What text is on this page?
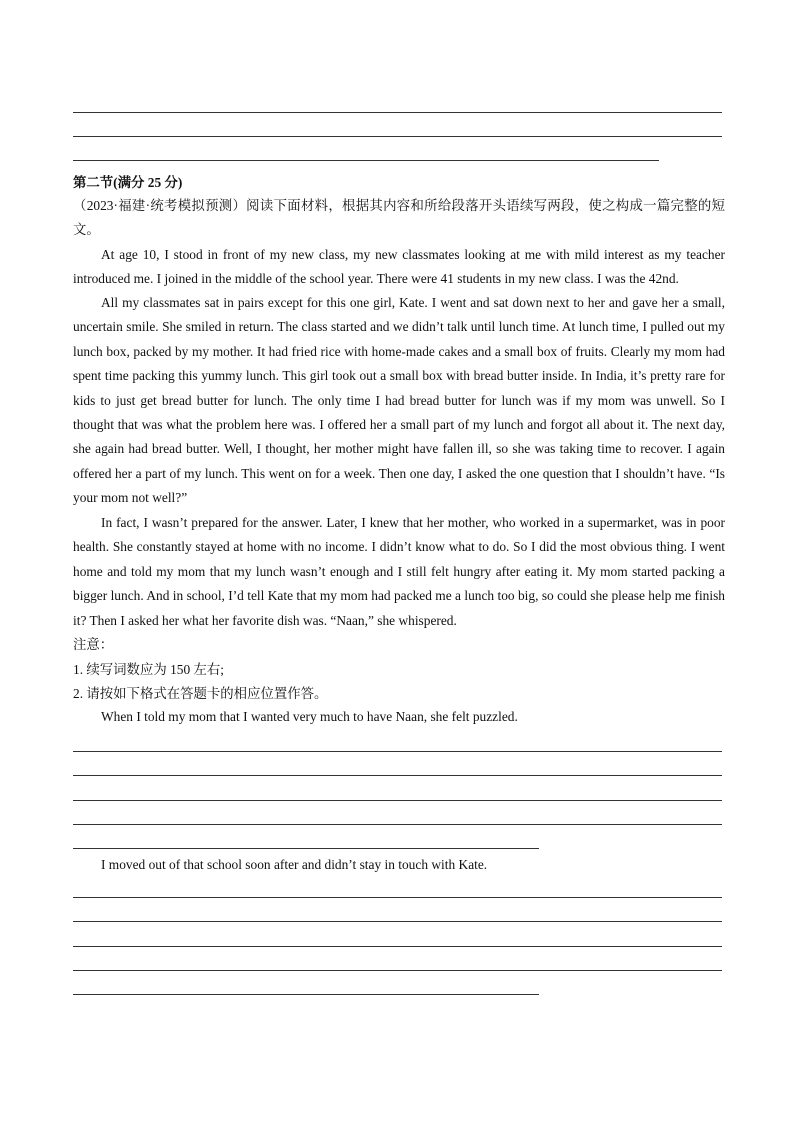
第二节(满分 25 分)
（2023·福建·统考模拟预测）阅读下面材料，根据其内容和所给段落开头语续写两段，使之构成一篇完整的短文。
At age 10, I stood in front of my new class, my new classmates looking at me with mild interest as my teacher introduced me. I joined in the middle of the school year. There were 41 students in my new class. I was the 42nd.
All my classmates sat in pairs except for this one girl, Kate. I went and sat down next to her and gave her a small, uncertain smile. She smiled in return. The class started and we didn’t talk until lunch time. At lunch time, I pulled out my lunch box, packed by my mother. It had fried rice with home-made cakes and a small box of fruits. Clearly my mom had spent time packing this yummy lunch. This girl took out a small box with bread butter inside. In India, it’s pretty rare for kids to just get bread butter for lunch. The only time I had bread butter for lunch was if my mom was unwell. So I thought that was what the problem here was. I offered her a small part of my lunch and forgot all about it. The next day, she again had bread butter. Well, I thought, her mother might have fallen ill, so she was taking time to recover. I again offered her a part of my lunch. This went on for a week. Then one day, I asked the one question that I shouldn’t have. “Is your mom not well?”
In fact, I wasn’t prepared for the answer. Later, I knew that her mother, who worked in a supermarket, was in poor health. She constantly stayed at home with no income. I didn’t know what to do. So I did the most obvious thing. I went home and told my mom that my lunch wasn’t enough and I still felt hungry after eating it. My mom started packing a bigger lunch. And in school, I’d tell Kate that my mom had packed me a lunch too big, so could she please help me finish it? Then I asked her what her favorite dish was. “Naan,” she whispered.
注意：
1. 续写词数应为 150 左右;
2. 请按如下格式在答题卡的相应位置作答。
When I told my mom that I wanted very much to have Naan, she felt puzzled.
I moved out of that school soon after and didn’t stay in touch with Kate.
